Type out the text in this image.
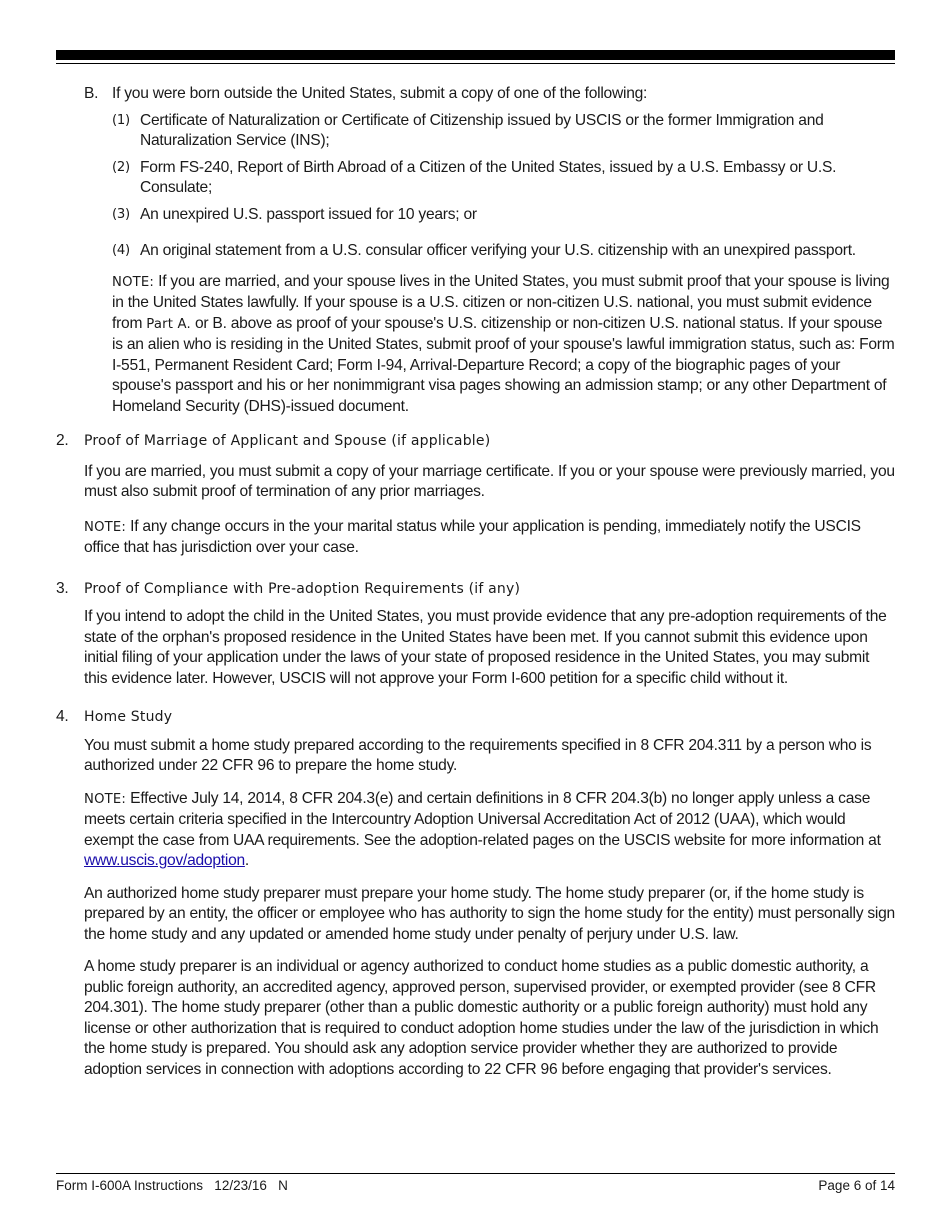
B. If you were born outside the United States, submit a copy of one of the following:

(1) Certificate of Naturalization or Certificate of Citizenship issued by USCIS or the former Immigration and Naturalization Service (INS);

(2) Form FS-240, Report of Birth Abroad of a Citizen of the United States, issued by a U.S. Embassy or U.S. Consulate;

(3) An unexpired U.S. passport issued for 10 years; or

(4) An original statement from a U.S. consular officer verifying your U.S. citizenship with an unexpired passport.

NOTE: If you are married, and your spouse lives in the United States, you must submit proof that your spouse is living in the United States lawfully. If your spouse is a U.S. citizen or non-citizen U.S. national, you must submit evidence from Part A. or B. above as proof of your spouse's U.S. citizenship or non-citizen U.S. national status. If your spouse is an alien who is residing in the United States, submit proof of your spouse's lawful immigration status, such as: Form I-551, Permanent Resident Card; Form I-94, Arrival-Departure Record; a copy of the biographic pages of your spouse's passport and his or her nonimmigrant visa pages showing an admission stamp; or any other Department of Homeland Security (DHS)-issued document.

2. Proof of Marriage of Applicant and Spouse (if applicable)

If you are married, you must submit a copy of your marriage certificate. If you or your spouse were previously married, you must also submit proof of termination of any prior marriages.

NOTE: If any change occurs in the your marital status while your application is pending, immediately notify the USCIS office that has jurisdiction over your case.

3. Proof of Compliance with Pre-adoption Requirements (if any)

If you intend to adopt the child in the United States, you must provide evidence that any pre-adoption requirements of the state of the orphan's proposed residence in the United States have been met. If you cannot submit this evidence upon initial filing of your application under the laws of your state of proposed residence in the United States, you may submit this evidence later. However, USCIS will not approve your Form I-600 petition for a specific child without it.

4. Home Study

You must submit a home study prepared according to the requirements specified in 8 CFR 204.311 by a person who is authorized under 22 CFR 96 to prepare the home study.

NOTE: Effective July 14, 2014, 8 CFR 204.3(e) and certain definitions in 8 CFR 204.3(b) no longer apply unless a case meets certain criteria specified in the Intercountry Adoption Universal Accreditation Act of 2012 (UAA), which would exempt the case from UAA requirements. See the adoption-related pages on the USCIS website for more information at www.uscis.gov/adoption.

An authorized home study preparer must prepare your home study. The home study preparer (or, if the home study is prepared by an entity, the officer or employee who has authority to sign the home study for the entity) must personally sign the home study and any updated or amended home study under penalty of perjury under U.S. law.

A home study preparer is an individual or agency authorized to conduct home studies as a public domestic authority, a public foreign authority, an accredited agency, approved person, supervised provider, or exempted provider (see 8 CFR 204.301). The home study preparer (other than a public domestic authority or a public foreign authority) must hold any license or other authorization that is required to conduct adoption home studies under the law of the jurisdiction in which the home study is prepared. You should ask any adoption service provider whether they are authorized to provide adoption services in connection with adoptions according to 22 CFR 96 before engaging that provider's services.

Form I-600A Instructions   12/23/16   N	Page 6 of 14
